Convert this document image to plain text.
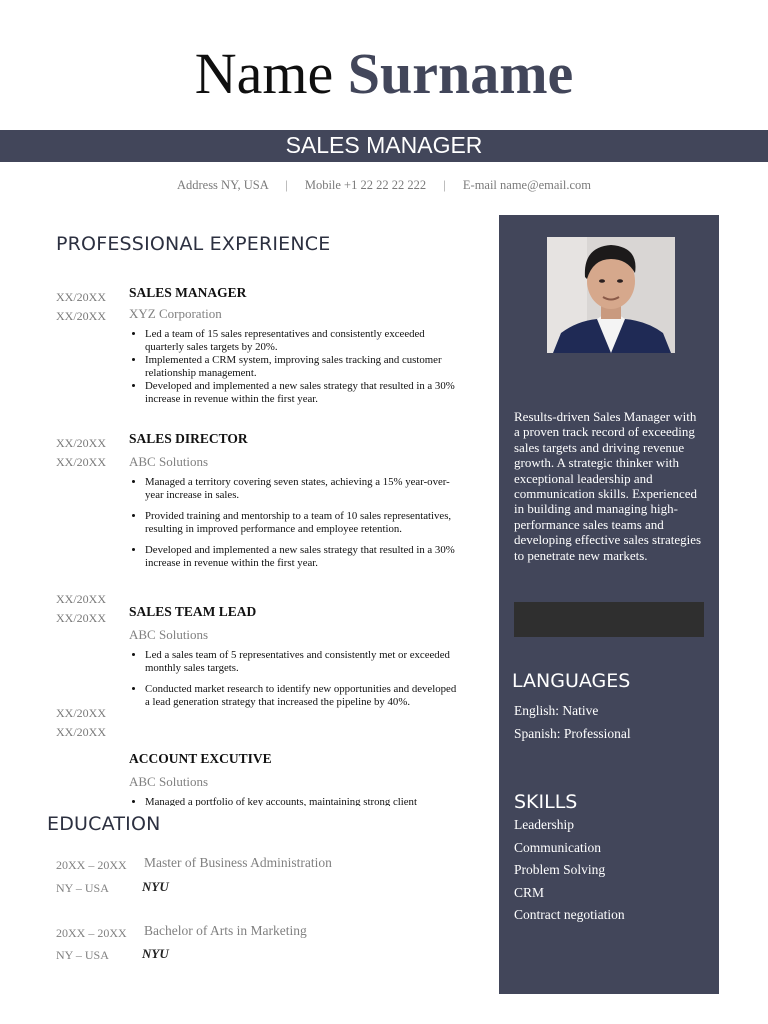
Name Surname
SALES MANAGER
Address NY, USA | Mobile +1 22 22 22 222 | E-mail name@email.com
PROFESSIONAL EXPERIENCE
XX/20XX
XX/20XX
SALES MANAGER
XYZ Corporation
• Led a team of 15 sales representatives and consistently exceeded quarterly sales targets by 20%.
• Implemented a CRM system, improving sales tracking and customer relationship management.
• Developed and implemented a new sales strategy that resulted in a 30% increase in revenue within the first year.
XX/20XX
XX/20XX
SALES DIRECTOR
ABC Solutions
• Managed a territory covering seven states, achieving a 15% year-over-year increase in sales.
• Provided training and mentorship to a team of 10 sales representatives, resulting in improved performance and employee retention.
• Developed and implemented a new sales strategy that resulted in a 30% increase in revenue within the first year.
XX/20XX
XX/20XX	SALES TEAM LEAD
ABC Solutions
• Led a sales team of 5 representatives and consistently met or exceeded monthly sales targets.
• Conducted market research to identify new opportunities and developed a lead generation strategy that increased the pipeline by 40%.
XX/20XX
XX/20XX
ACCOUNT EXCUTIVE
ABC Solutions
• Managed a portfolio of key accounts, maintaining strong client
EDUCATION
20XX – 20XX Master of Business Administration
NY – USA	NYU
20XX – 20XX Bachelor of Arts in Marketing
NY – USA	NYU
Results-driven Sales Manager with a proven track record of exceeding sales targets and driving revenue growth. A strategic thinker with exceptional leadership and communication skills. Experienced in building and managing high-performance sales teams and developing effective sales strategies to penetrate new markets.
LANGUAGES
English: Native
Spanish: Professional
SKILLS
Leadership
Communication
Problem Solving
CRM
Contract negotiation
